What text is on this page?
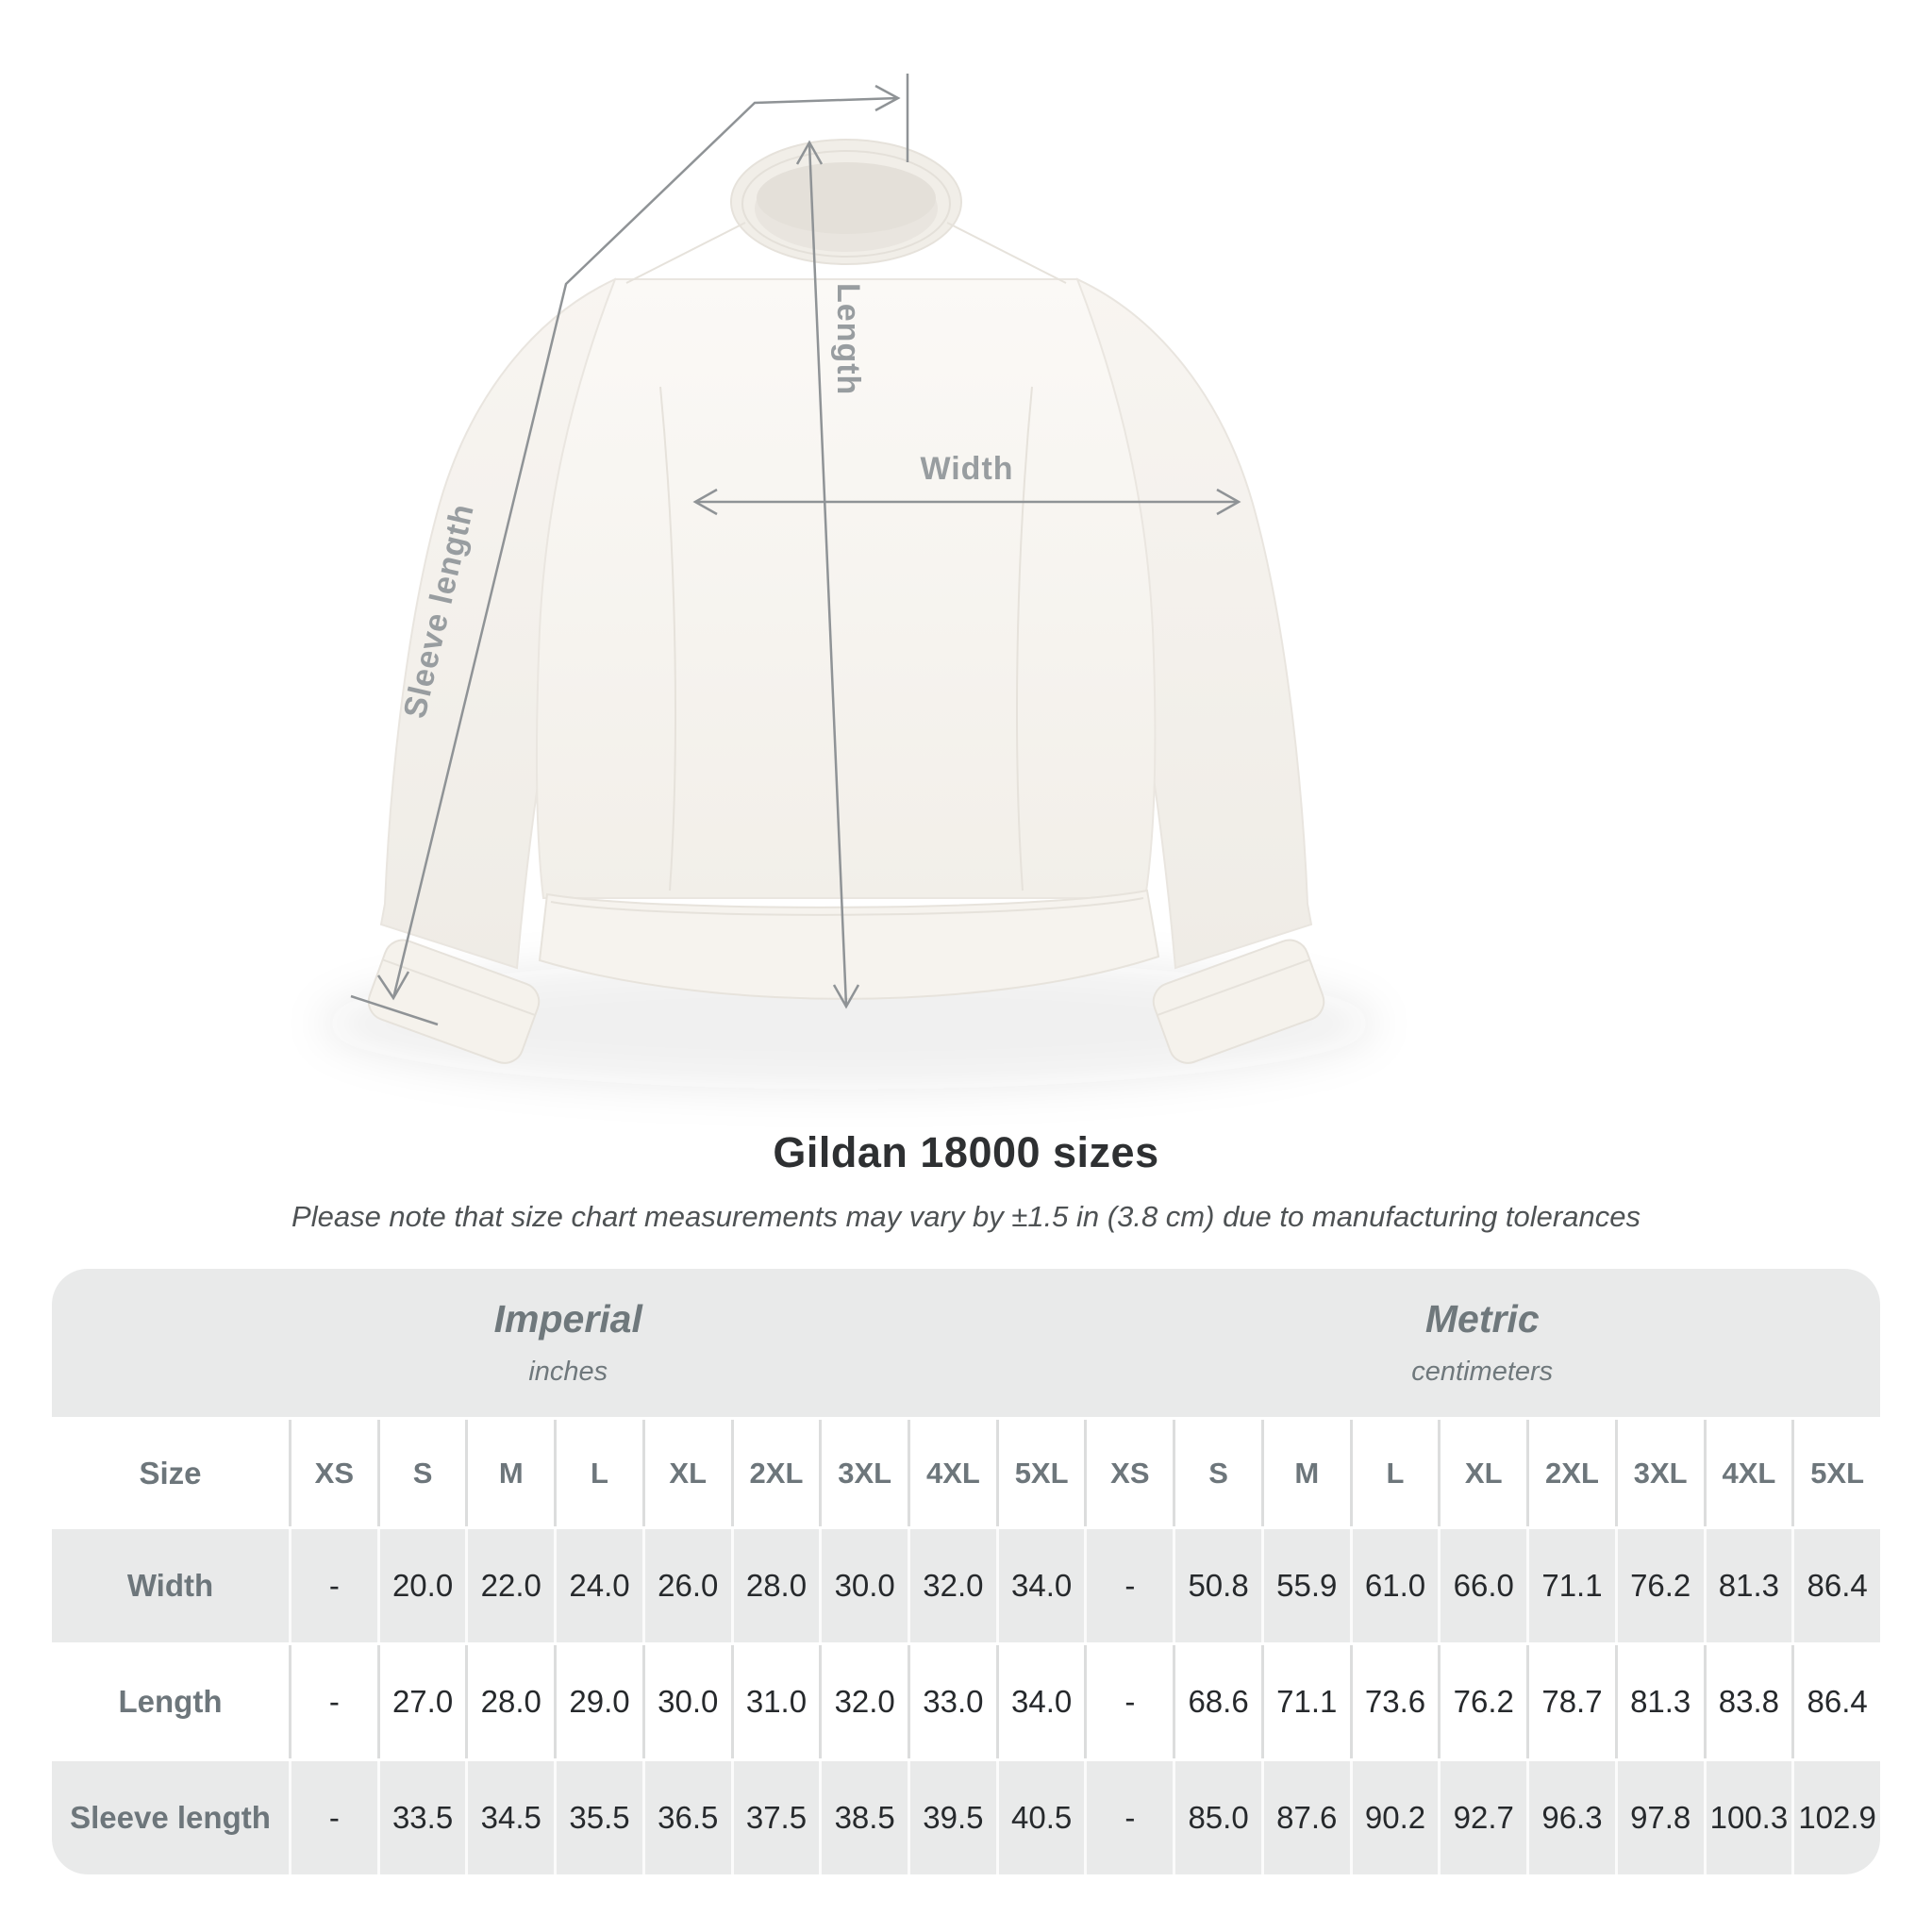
Sleeve length
Length
Width
Gildan 18000 sizes
Please note that size chart measurements may vary by ±1.5 in (3.8 cm) due to manufacturing tolerances
Imperial
inches
Metric
centimeters
Size	XS	S	M	L	XL	2XL	3XL	4XL	5XL	XS	S	M	L	XL	2XL	3XL	4XL	5XL
Width	-	20.0 22.0 24.0 26.0 28.0 30.0 32.0 34.0	-	50.8 55.9 61.0 66.0 71.1 76.2 81.3 86.4
Length	-	27.0 28.0 29.0 30.0 31.0 32.0 33.0 34.0	-	68.6 71.1 73.6 76.2 78.7 81.3 83.8 86.4
Sleeve length	-	33.5 34.5 35.5 36.5 37.5 38.5 39.5 40.5	-	85.0 87.6 90.2 92.7 96.3 97.8 100.3 102.9
